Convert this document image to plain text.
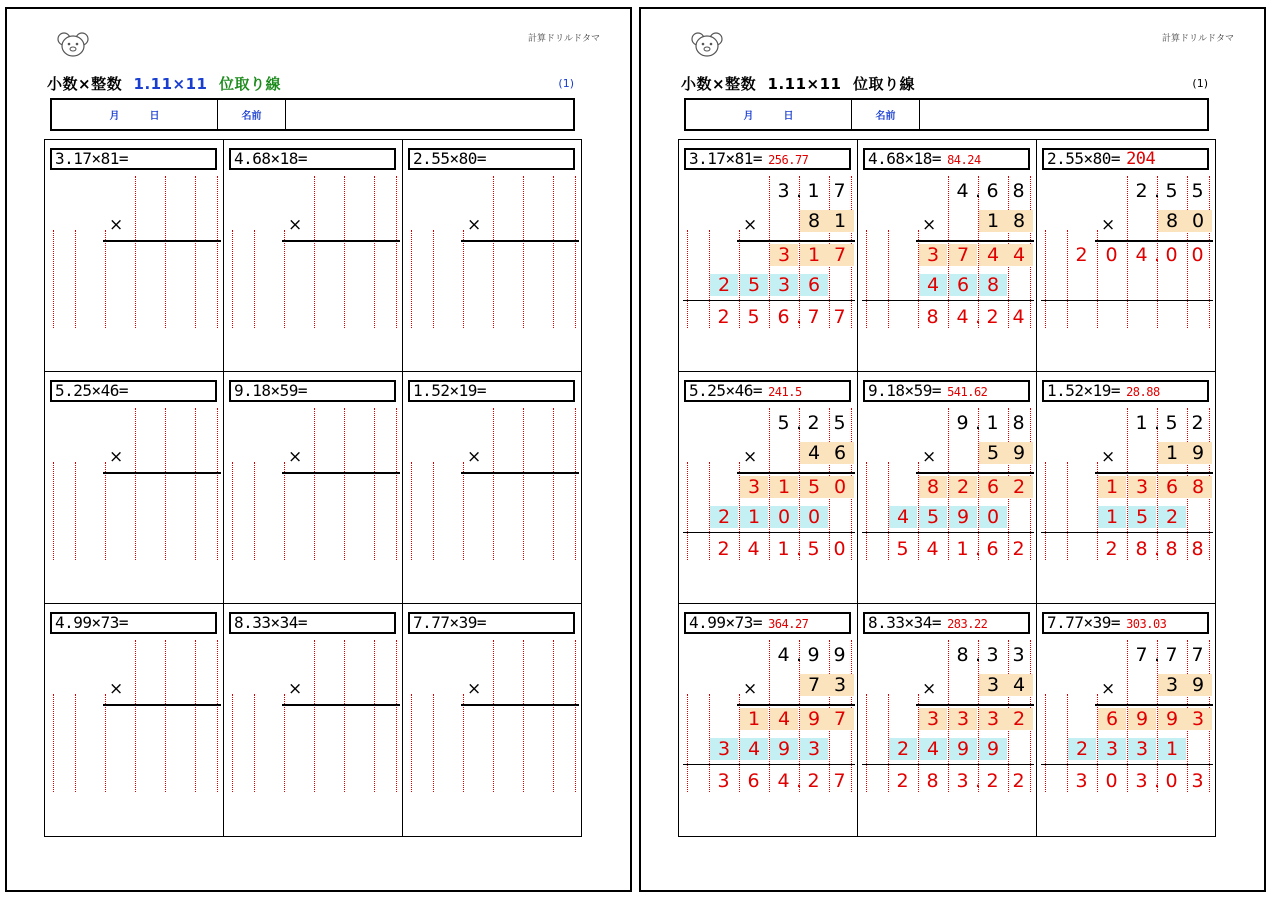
計算ドリルドタマ
小数×整数 1.11×11 位取り線	(1)
月	日	名前
3.17×81=
×
4.68×18=
×
2.55×80=
×
5.25×46=
×
9.18×59=
×
1.52×19=
×
4.99×73=
×
8.33×34=
×
7.77×39=
×
計算ドリルドタマ
小数×整数 1.11×11 位取り線	(1)
月	日	名前
3.17×81= 256.77
×
3 1 7
.
8 1
3 1 7
2 5 3 6
2 5 6 7 7
.
4.68×18= 84.24
×
4 6 8
.
1 8
3 7 4 4
4 6 8
8 4 2 4
.
2.55×80= 204
×
2 5 5
.
8 0
2 0 4 0 0
.
5.25×46= 241.5
×
5 2 5
.
4 6
3 1 5 0
2 1 0 0
2 4 1 5 0
.
9.18×59= 541.62
×
9 1 8
.
5 9
8 2 6 2
4 5 9 0
5 4 1 6 2
.
1.52×19= 28.88
×
1 5 2
.
1 9
1 3 6 8
1 5 2
2 8 8 8
.
4.99×73= 364.27
×
4 9 9
.
7 3
1 4 9 7
3 4 9 3
3 6 4 2 7
.
8.33×34= 283.22
×
8 3 3
.
3 4
3 3 3 2
2 4 9 9
2 8 3 2 2
.
7.77×39= 303.03
×
7 7 7
.
3 9
6 9 9 3
2 3 3 1
3 0 3 0 3
.
